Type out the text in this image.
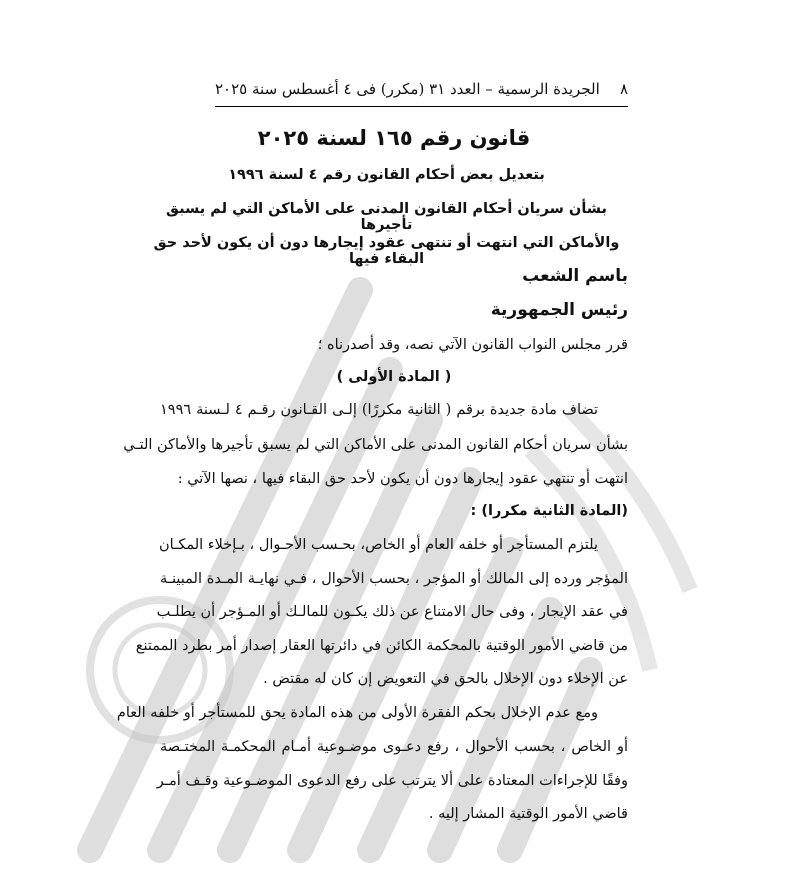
٨
الجريدة الرسمية – العدد ٣١ (مكرر) فى ٤ أغسطس سنة ٢٠٢٥
قانون رقم ١٦٥ لسنة ٢٠٢٥
بتعديل بعض أحكام القانون رقم ٤ لسنة ١٩٩٦
بشأن سريان أحكام القانون المدنى على الأماكن التي لم يسبق تأجيرها
والأماكن التي انتهت أو تنتهى عقود إيجارها دون أن يكون لأحد حق البقاء فيها
باسم الشعب
رئيس الجمهورية
قرر مجلس النواب القانون الآتي نصه، وقد أصدرناه ؛
( المادة الأولى )
تضاف مادة جديدة برقم ( الثانية مكررًا) إلـى القـانون رقـم ٤ لـسنة ١٩٩٦
بشأن سريان أحكام القانون المدنى على الأماكن التي لم يسبق تأجيرها والأماكن التـي
انتهت أو تنتهي عقود إيجارها دون أن يكون لأحد حق البقاء فيها ، نصها الآتي :
(المادة الثانية مكررا) :
يلتزم المستأجر أو خلفه العام أو الخاص، بحـسب الأحـوال ، بـإخلاء المكـان
المؤجر ورده إلى المالك أو المؤجر ، بحسب الأحوال ، فـي نهايـة المـدة المبينـة
في عقد الإيجار ، وفى حال الامتناع عن ذلك يكـون للمالـك أو المـؤجر أن يطلـب
من قاضي الأمور الوقتية بالمحكمة الكائن في دائرتها العقار إصدار أمر بطرد الممتنع
عن الإخلاء دون الإخلال بالحق في التعويض إن كان له مقتض .
ومع عدم الإخلال بحكم الفقرة الأولى من هذه المادة يحق للمستأجر أو خلفه العام
أو الخاص ، بحسب الأحوال ، رفع دعـوى موضـوعية أمـام المحكمـة المختـصة
وفقًا للإجراءات المعتادة على ألا يترتب على رفع الدعوى الموضـوعية وقـف أمـر
قاضي الأمور الوقتية المشار إليه .
